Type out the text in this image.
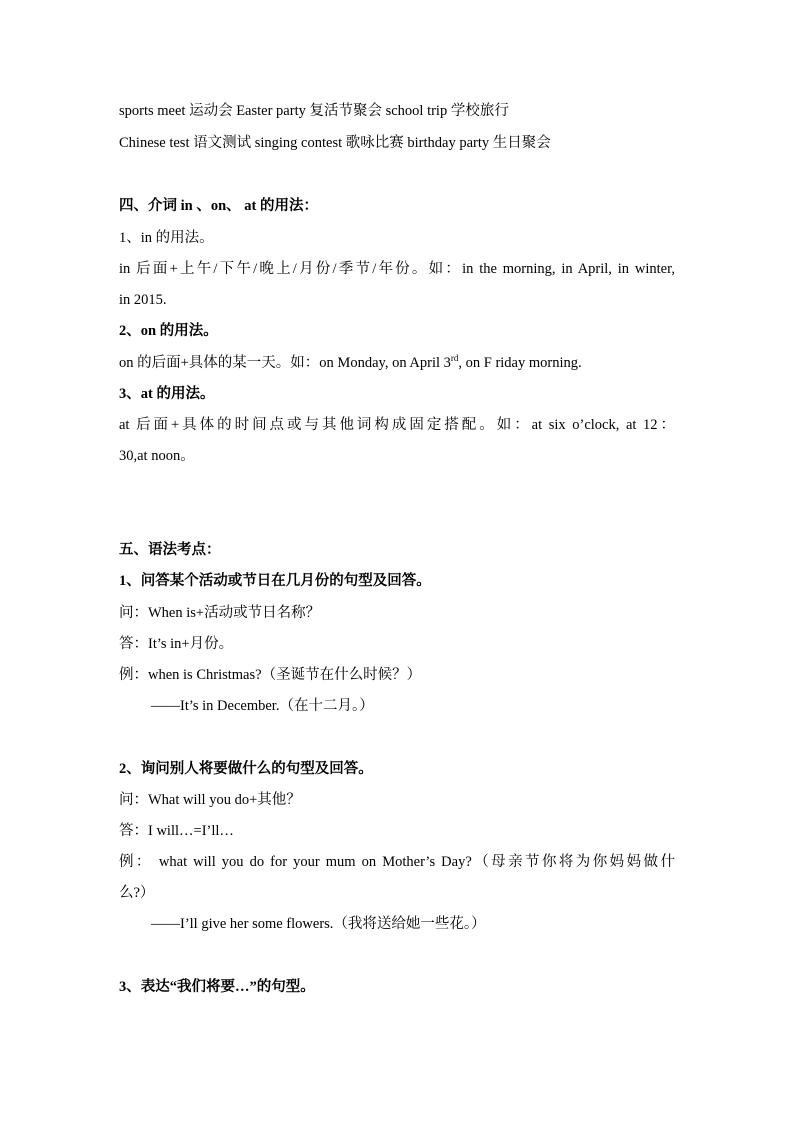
sports meet 运动会 Easter party 复活节聚会 school trip 学校旅行
Chinese test 语文测试 singing contest 歌咏比赛 birthday party 生日聚会
四、介词 in 、on、 at 的用法：
1、in 的用法。
in 后面+上午/下午/晚上/月份/季节/年份。如：in the morning, in April, in winter,
in 2015.
2、on 的用法。
on 的后面+具体的某一天。如：on Monday, on April 3rd, on F riday morning.
3、at 的用法。
at 后面+具体的时间点或与其他词构成固定搭配。如：at six o’clock, at 12：
30,at noon。
五、语法考点：
1、问答某个活动或节日在几月份的句型及回答。
问：When is+活动或节日名称？
答：It’s in+月份。
例：when is Christmas?（圣诞节在什么时候？）
——It’s in December.（在十二月。）
2、询问别人将要做什么的句型及回答。
问：What will you do+其他？
答：I will…=I’ll…
例： what will you do for your mum on Mother’s Day?（母亲节你将为你妈妈做什
么?）
——I’ll give her some flowers.（我将送给她一些花。）
3、表达“我们将要…”的句型。
